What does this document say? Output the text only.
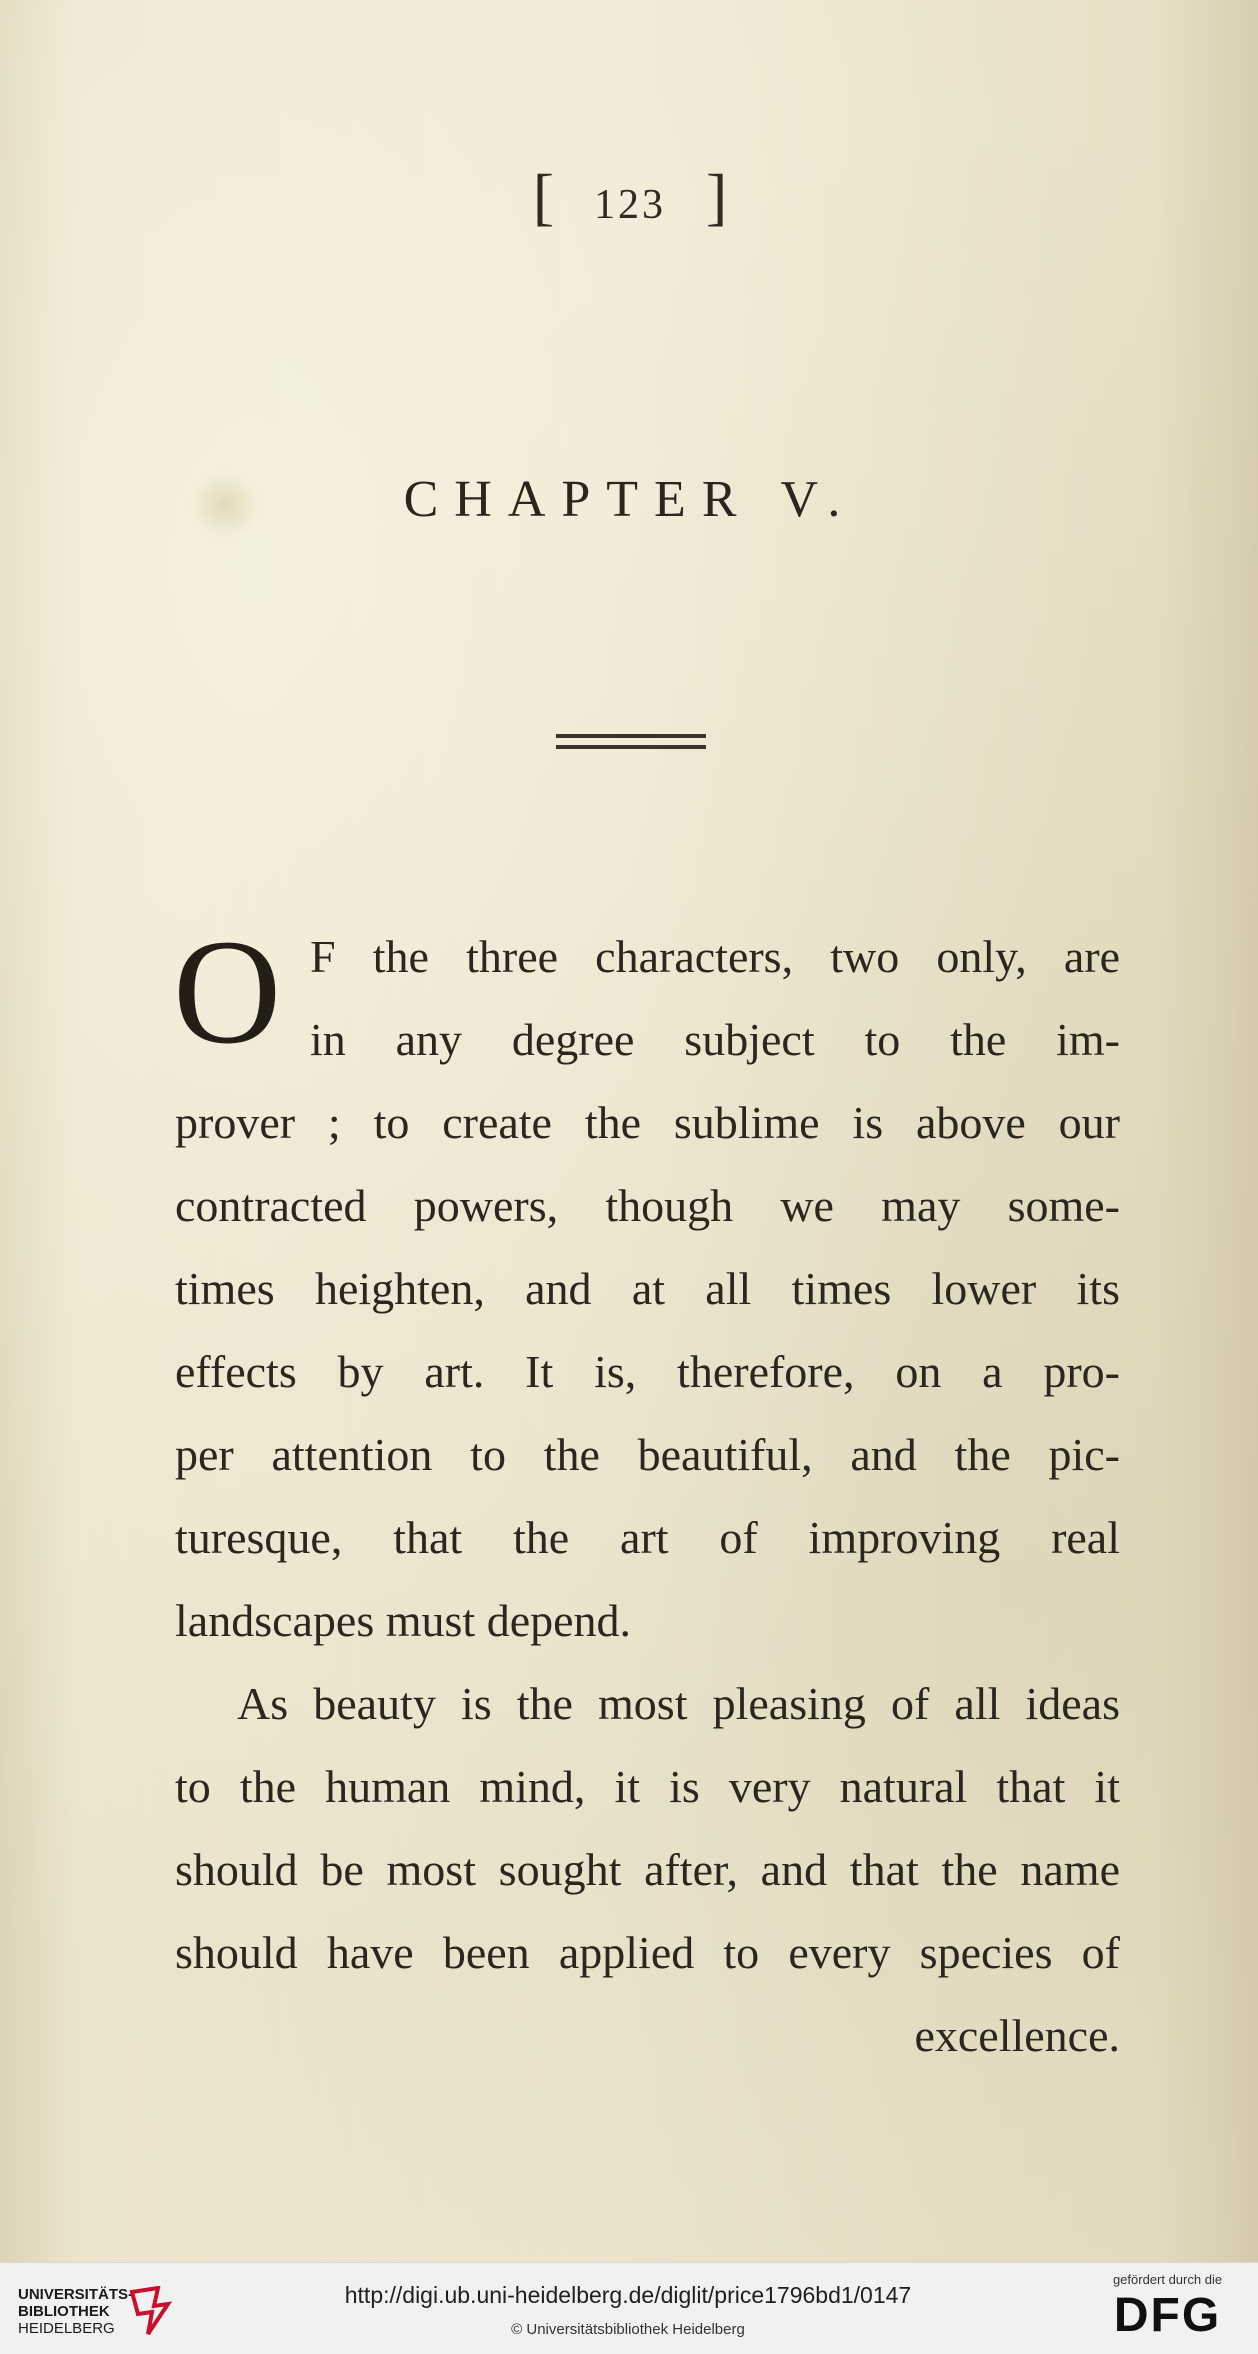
[ 123 ]
CHAPTER V.
O F the three characters, two only, are
in any degree subject to the im-
prover ; to create the sublime is above our
contracted powers, though we may some-
times heighten, and at all times lower its
effects by art. It is, therefore, on a pro-
per attention to the beautiful, and the pic-
turesque, that the art of improving real
landscapes must depend.
As beauty is the most pleasing of all ideas
to the human mind, it is very natural that it
should be most sought after, and that the name
should have been applied to every species of
excellence.
UNIVERSITÄTS-
BIBLIOTHEK
HEIDELBERG
http://digi.ub.uni-heidelberg.de/diglit/price1796bd1/0147
© Universitätsbibliothek Heidelberg
gefördert durch die
DFG
